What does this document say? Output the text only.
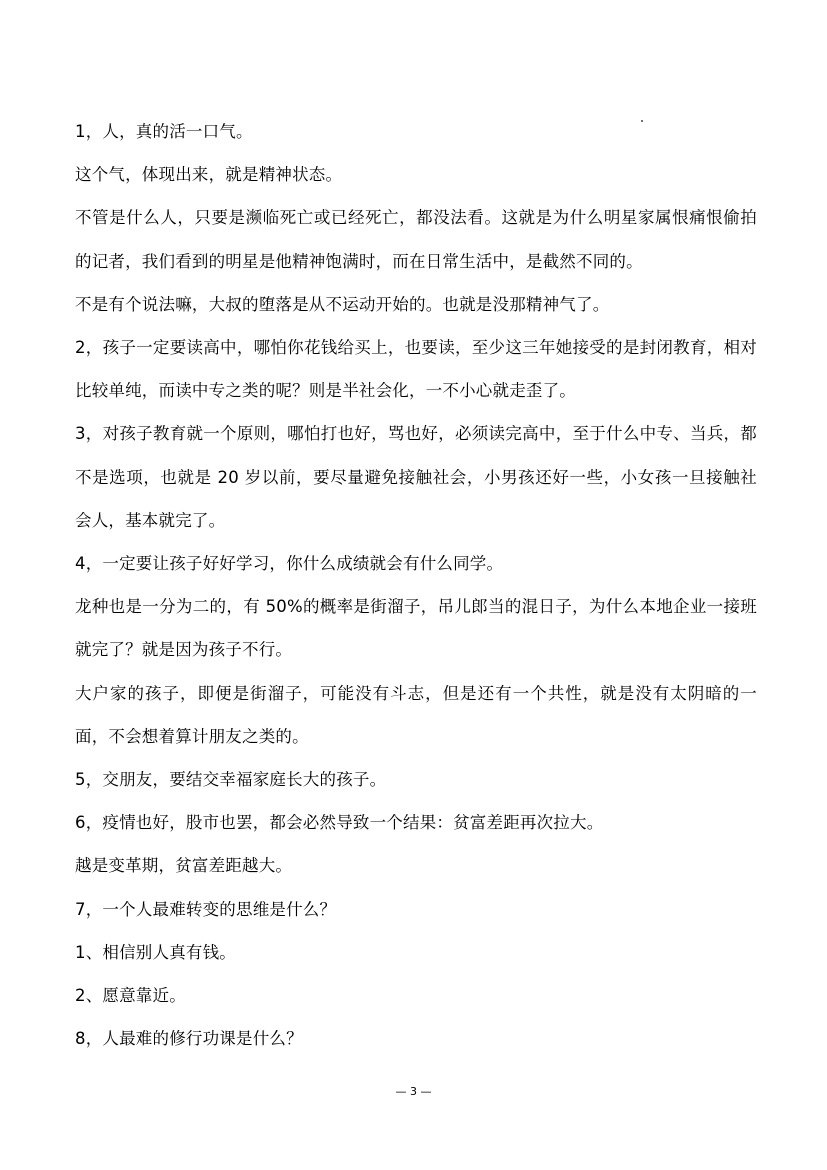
1，人，真的活一口气。

这个气，体现出来，就是精神状态。

不管是什么人，只要是濒临死亡或已经死亡，都没法看。这就是为什么明星家属恨痛恨偷拍的记者，我们看到的明星是他精神饱满时，而在日常生活中，是截然不同的。

不是有个说法嘛，大叔的堕落是从不运动开始的。也就是没那精神气了。

2，孩子一定要读高中，哪怕你花钱给买上，也要读，至少这三年她接受的是封闭教育，相对比较单纯，而读中专之类的呢？则是半社会化，一不小心就走歪了。

3，对孩子教育就一个原则，哪怕打也好，骂也好，必须读完高中，至于什么中专、当兵，都不是选项，也就是 20 岁以前，要尽量避免接触社会，小男孩还好一些，小女孩一旦接触社会人，基本就完了。

4，一定要让孩子好好学习，你什么成绩就会有什么同学。

龙种也是一分为二的，有 50%的概率是街溜子，吊儿郎当的混日子，为什么本地企业一接班就完了？就是因为孩子不行。

大户家的孩子，即便是街溜子，可能没有斗志，但是还有一个共性，就是没有太阴暗的一面，不会想着算计朋友之类的。

5，交朋友，要结交幸福家庭长大的孩子。

6，疫情也好，股市也罢，都会必然导致一个结果：贫富差距再次拉大。

越是变革期，贫富差距越大。

7，一个人最难转变的思维是什么？

1、相信别人真有钱。

2、愿意靠近。

8，人最难的修行功课是什么？

— 3 —
